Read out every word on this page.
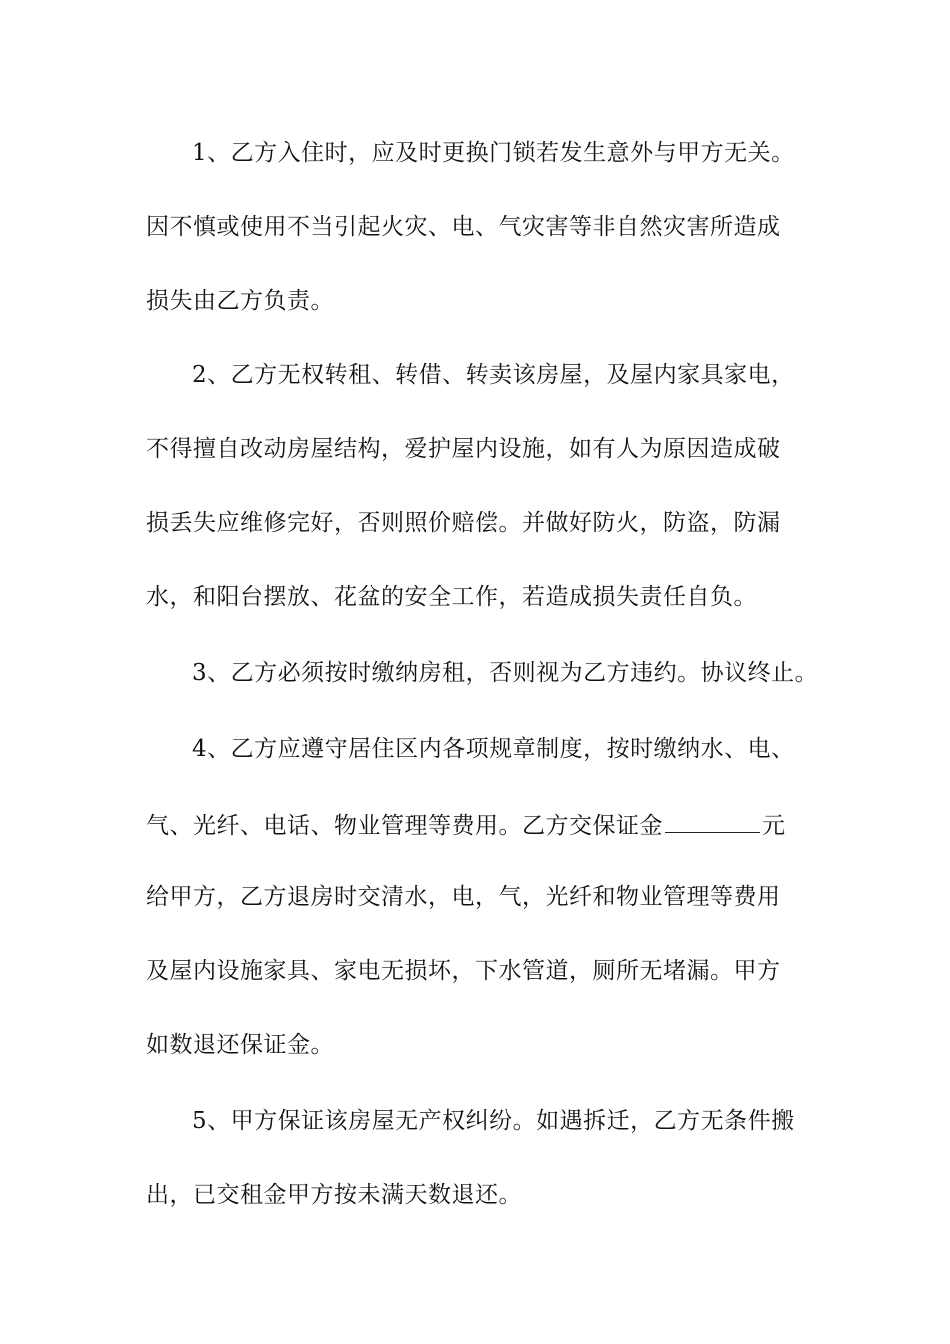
1、乙方入住时，应及时更换门锁若发生意外与甲方无关。
因不慎或使用不当引起火灾、电、气灾害等非自然灾害所造成
损失由乙方负责。
2、乙方无权转租、转借、转卖该房屋，及屋内家具家电，
不得擅自改动房屋结构，爱护屋内设施，如有人为原因造成破
损丢失应维修完好，否则照价赔偿。并做好防火，防盗，防漏
水，和阳台摆放、花盆的安全工作，若造成损失责任自负。
3、乙方必须按时缴纳房租，否则视为乙方违约。协议终止。
4、乙方应遵守居住区内各项规章制度，按时缴纳水、电、
气、光纤、电话、物业管理等费用。乙方交保证金	元
给甲方，乙方退房时交清水，电，气，光纤和物业管理等费用
及屋内设施家具、家电无损坏，下水管道，厕所无堵漏。甲方
如数退还保证金。
5、甲方保证该房屋无产权纠纷。如遇拆迁，乙方无条件搬
出，已交租金甲方按未满天数退还。
